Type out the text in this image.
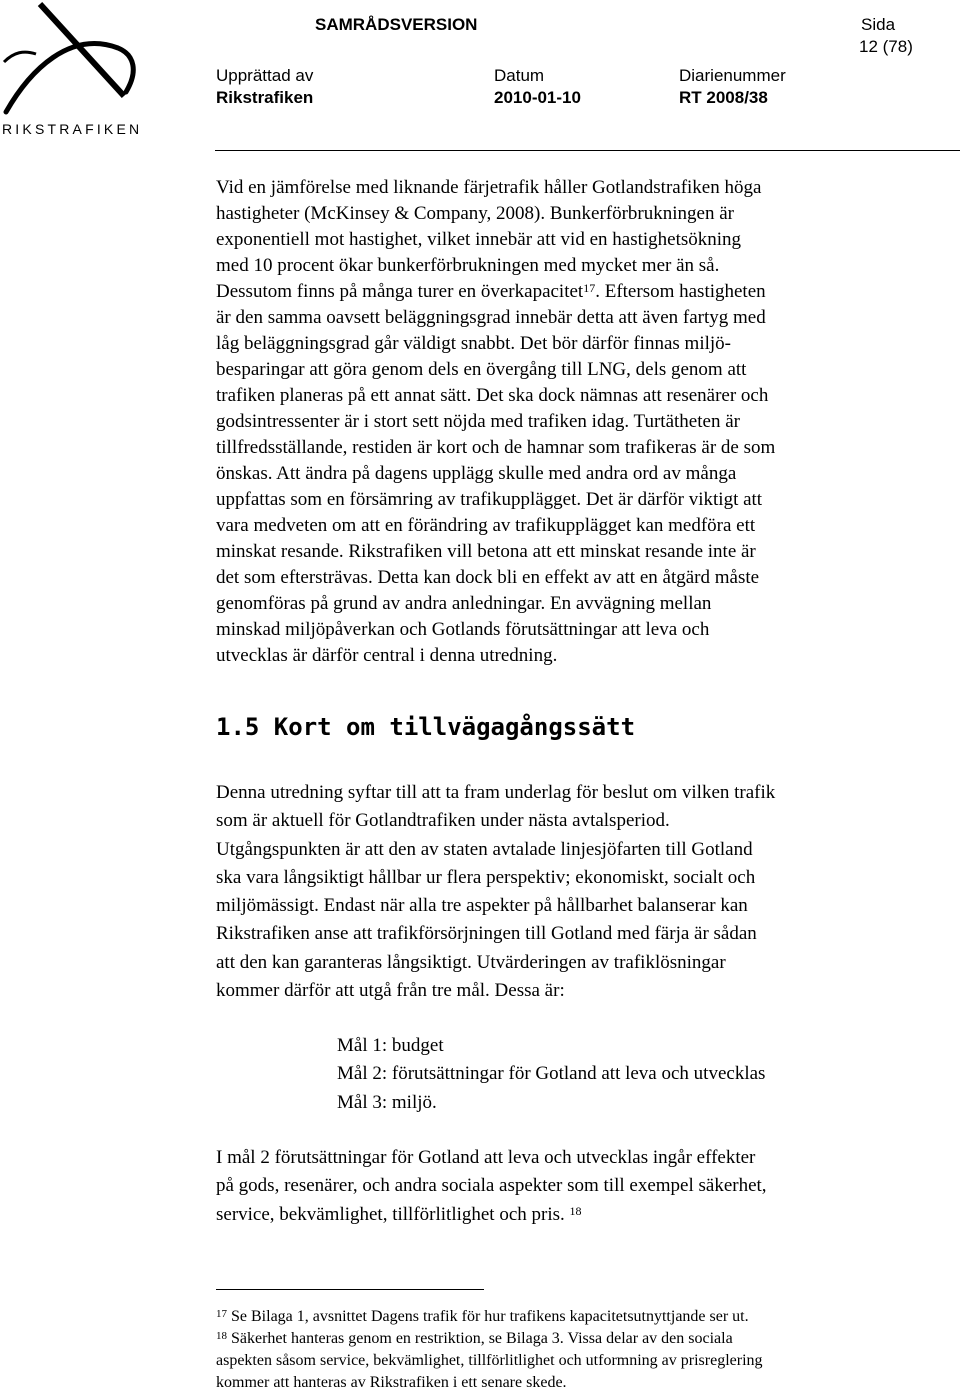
RIKSTRAFIKEN
SAMRÅDSVERSION	Sida
12 (78)
Upprättad av
Rikstrafiken
Datum
2010-01-10
Diarienummer
RT 2008/38
Vid en jämförelse med liknande färjetrafik håller Gotlandstrafiken höga
hastigheter (McKinsey & Company, 2008). Bunkerförbrukningen är
exponentiell mot hastighet, vilket innebär att vid en hastighetsökning
med 10 procent ökar bunkerförbrukningen med mycket mer än så.
Dessutom finns på många turer en överkapacitet$^{17}$. Eftersom hastigheten
är den samma oavsett beläggningsgrad innebär detta att även fartyg med
låg beläggningsgrad går väldigt snabbt. Det bör därför finnas miljö-
besparingar att göra genom dels en övergång till LNG, dels genom att
trafiken planeras på ett annat sätt. Det ska dock nämnas att resenärer och
godsintressenter är i stort sett nöjda med trafiken idag. Turtätheten är
tillfredsställande, restiden är kort och de hamnar som trafikeras är de som
önskas. Att ändra på dagens upplägg skulle med andra ord av många
uppfattas som en försämring av trafikupplägget. Det är därför viktigt att
vara medveten om att en förändring av trafikupplägget kan medföra ett
minskat resande. Rikstrafiken vill betona att ett minskat resande inte är
det som eftersträvas. Detta kan dock bli en effekt av att en åtgärd måste
genomföras på grund av andra anledningar. En avvägning mellan
minskad miljöpåverkan och Gotlands förutsättningar att leva och
utvecklas är därför central i denna utredning.
1.5 Kort om tillvägagångssätt
Denna utredning syftar till att ta fram underlag för beslut om vilken trafik
som är aktuell för Gotlandtrafiken under nästa avtalsperiod.
Utgångspunkten är att den av staten avtalade linjesjöfarten till Gotland
ska vara långsiktigt hållbar ur flera perspektiv; ekonomiskt, socialt och
miljömässigt. Endast när alla tre aspekter på hållbarhet balanserar kan
Rikstrafiken anse att trafikförsörjningen till Gotland med färja är sådan
att den kan garanteras långsiktigt. Utvärderingen av trafiklösningar
kommer därför att utgå från tre mål. Dessa är:
Mål 1: budget
Mål 2: förutsättningar för Gotland att leva och utvecklas
Mål 3: miljö.
I mål 2 förutsättningar för Gotland att leva och utvecklas ingår effekter
på gods, resenärer, och andra sociala aspekter som till exempel säkerhet,
service, bekvämlighet, tillförlitlighet och pris. $^{18}$
$^{17}$ Se Bilaga 1, avsnittet Dagens trafik för hur trafikens kapacitetsutnyttjande ser ut.
$^{18}$ Säkerhet hanteras genom en restriktion, se Bilaga 3. Vissa delar av den sociala
aspekten såsom service, bekvämlighet, tillförlitlighet och utformning av prisreglering
kommer att hanteras av Rikstrafiken i ett senare skede.
